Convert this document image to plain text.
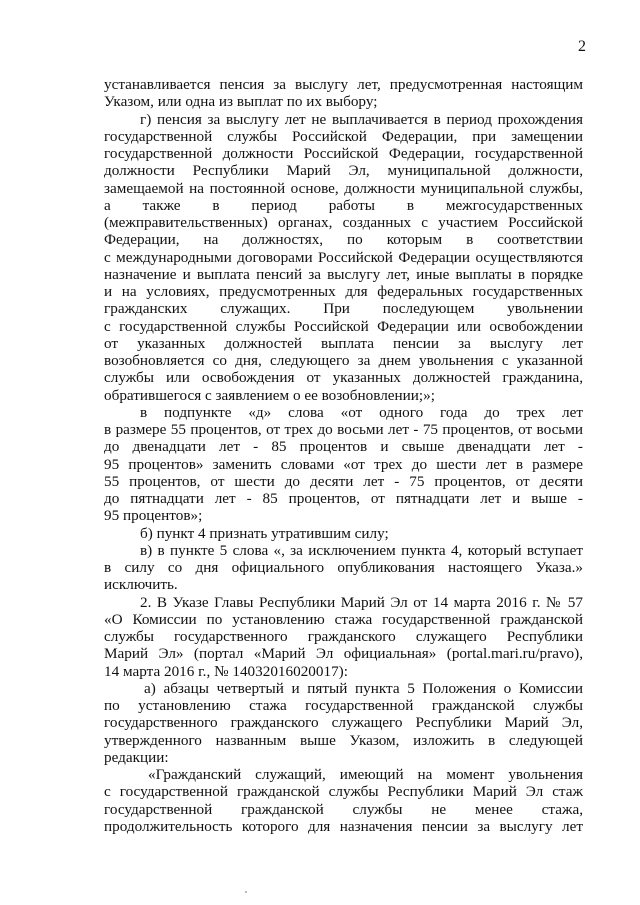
2
устанавливается пенсия за выслугу лет, предусмотренная настоящим
Указом, или одна из выплат по их выбору;
г) пенсия за выслугу лет не выплачивается в период прохождения
государственной службы Российской Федерации, при замещении
государственной должности Российской Федерации, государственной
должности Республики Марий Эл, муниципальной должности,
замещаемой на постоянной основе, должности муниципальной службы,
а также в период работы в межгосударственных
(межправительственных) органах, созданных с участием Российской
Федерации, на должностях, по которым в соответствии
с международными договорами Российской Федерации осуществляются
назначение и выплата пенсий за выслугу лет, иные выплаты в порядке
и на условиях, предусмотренных для федеральных государственных
гражданских служащих. При последующем увольнении
с государственной службы Российской Федерации или освобождении
от указанных должностей выплата пенсии за выслугу лет
возобновляется со дня, следующего за днем увольнения с указанной
службы или освобождения от указанных должностей гражданина,
обратившегося с заявлением о ее возобновлении;»;
в подпункте «д» слова «от одного года до трех лет
в размере 55 процентов, от трех до восьми лет - 75 процентов, от восьми
до двенадцати лет - 85 процентов и свыше двенадцати лет -
95 процентов» заменить словами «от трех до шести лет в размере
55 процентов, от шести до десяти лет - 75 процентов, от десяти
до пятнадцати лет - 85 процентов, от пятнадцати лет и выше -
95 процентов»;
б) пункт 4 признать утратившим силу;
в) в пункте 5 слова «, за исключением пункта 4, который вступает
в силу со дня официального опубликования настоящего Указа.»
исключить.
2. В Указе Главы Республики Марий Эл от 14 марта 2016 г. № 57
«О Комиссии по установлению стажа государственной гражданской
службы государственного гражданского служащего Республики
Марий Эл» (портал «Марий Эл официальная» (portal.mari.ru/pravo),
14 марта 2016 г., № 14032016020017):
а) абзацы четвертый и пятый пункта 5 Положения о Комиссии
по установлению стажа государственной гражданской службы
государственного гражданского служащего Республики Марий Эл,
утвержденного названным выше Указом, изложить в следующей
редакции:
«Гражданский служащий, имеющий на момент увольнения
с государственной гражданской службы Республики Марий Эл стаж
государственной гражданской службы не менее стажа,
продолжительность которого для назначения пенсии за выслугу лет
